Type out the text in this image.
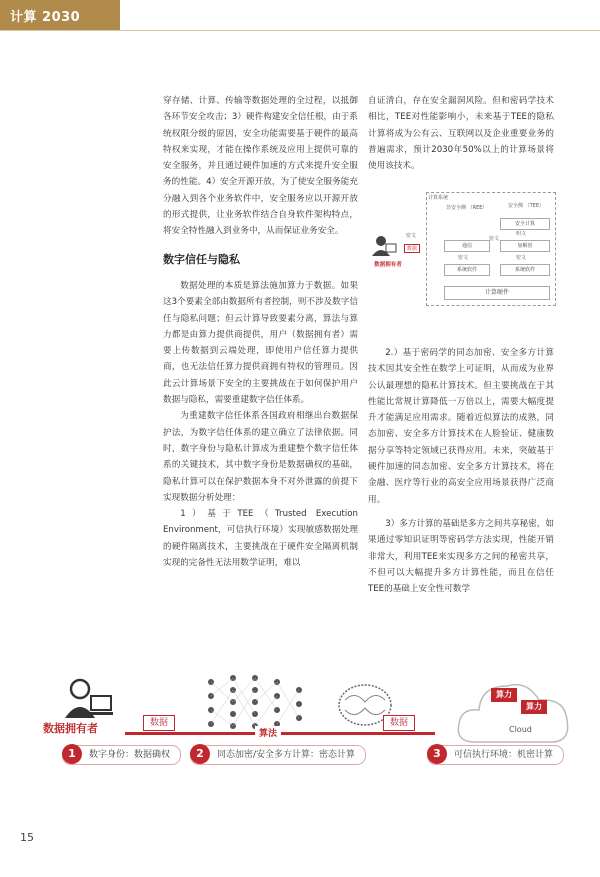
计算 2030

穿存储、计算、传输等数据处理的全过程，以抵御各环节安全攻击；3）硬件构建安全信任根，由于系统权限分级的原因，安全功能需要基于硬件的最高特权来实现，才能在操作系统及应用上提供可靠的安全服务，并且通过硬件加速的方式来提升安全服务的性能。4）安全开源开放，为了使安全服务能充分融入到各个业务软件中，安全服务应以开源开放的形式提供，让业务软件结合自身软件架构特点，将安全特性融入到业务中，从而保证业务安全。

数字信任与隐私

数据处理的本质是算法施加算力于数据。如果这3个要素全部由数据所有者控制，则不涉及数字信任与隐私问题；但云计算导致要素分离，算法与算力都是由算力提供商提供，用户（数据拥有者）需要上传数据到云端处理，即使用户信任算力提供商，也无法信任算力提供商拥有特权的管理员。因此云计算场景下安全的主要挑战在于如何保护用户数据与隐私，需要重建数字信任体系。

为重建数字信任体系各国政府相继出台数据保护法，为数字信任体系的建立确立了法律依据。同时，数字身份与隐私计算成为重建整个数字信任体系的关键技术，其中数字身份是数据确权的基础，隐私计算可以在保护数据本身不对外泄露的前提下实现数据分析处理：

1）基于TEE（Trusted Execution Environment，可信执行环境）实现敏感数据处理的硬件隔离技术，主要挑战在于硬件安全隔离机制实现的完备性无法用数学证明，难以

自证清白，存在安全漏洞风险。但和密码学技术相比，TEE对性能影响小，未来基于TEE的隐私计算将成为公有云、互联网以及企业重要业务的普遍需求，预计2030年50%以上的计算场景将使用该技术。

计算系统
数据拥有者
数据
密文
非安全侧 （REE）
通信
系统软件
密文
安全侧 （TEE）
安全计算
明文
加解密
密文
系统软件
密文
计算硬件

2.）基于密码学的同态加密、安全多方计算技术因其安全性在数学上可证明，从而成为业界公认最理想的隐私计算技术。但主要挑战在于其性能比常规计算降低一万倍以上，需要大幅度提升才能满足应用需求。随着近似算法的成熟，同态加密、安全多方计算技术在人脸验证、健康数据分享等特定领域已获得应用。未来，突破基于硬件加速的同态加密、安全多方计算技术，将在金融、医疗等行业的高安全应用场景获得广泛商用。

3）多方计算的基础是多方之间共享秘密，如果通过零知识证明等密码学方法实现，性能开销非常大，利用TEE来实现多方之间的秘密共享，不但可以大幅提升多方计算性能，而且在信任TEE的基础上安全性可数学

数据拥有者	数据	数据
算法
算力
算力
Cloud
1	数字身份：数据确权	2	同态加密/安全多方计算：密态计算	3	可信执行环境：机密计算
15
